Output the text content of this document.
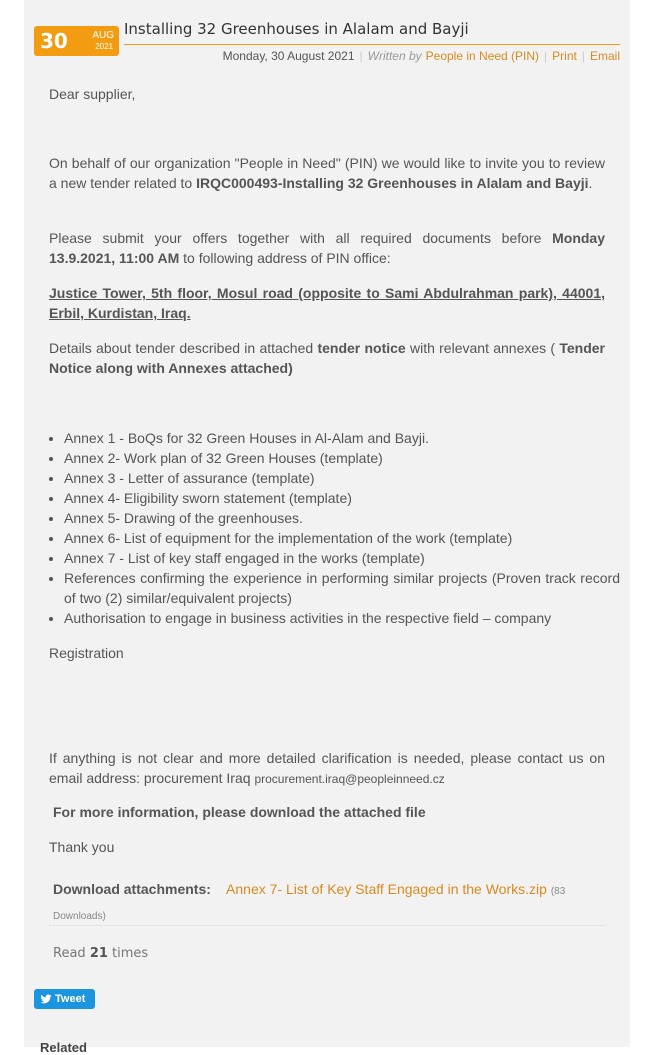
30 AUG
2021
Installing 32 Greenhouses in Alalam and Bayji
Monday, 30 August 2021 | Written by People in Need (PIN) | Print | Email
Dear supplier,
On behalf of our organization "People in Need" (PIN) we would like to invite you to review a new tender related to IRQC000493-Installing 32 Greenhouses in Alalam and Bayji.
Please submit your offers together with all required documents before Monday 13.9.2021, 11:00 AM to following address of PIN office:
Justice Tower, 5th floor, Mosul road (opposite to Sami Abdulrahman park), 44001, Erbil, Kurdistan, Iraq.
Details about tender described in attached tender notice with relevant annexes ( Tender Notice along with Annexes attached)
• Annex 1 - BoQs for 32 Green Houses in Al-Alam and Bayji.
• Annex 2- Work plan of 32 Green Houses (template)
• Annex 3 - Letter of assurance (template)
• Annex 4- Eligibility sworn statement (template)
• Annex 5- Drawing of the greenhouses.
• Annex 6- List of equipment for the implementation of the work (template)
• Annex 7 - List of key staff engaged in the works (template)
• References confirming the experience in performing similar projects (Proven track record of two (2) similar/equivalent projects)
• Authorisation to engage in business activities in the respective field – company
Registration
If anything is not clear and more detailed clarification is needed, please contact us on email address: procurement Iraq procurement.iraq@peopleinneed.cz
For more information, please download the attached file
Thank you
Download attachments: Annex 7- List of Key Staff Engaged in the Works.zip (83 Downloads)
Read 21 times
Tweet
Related
